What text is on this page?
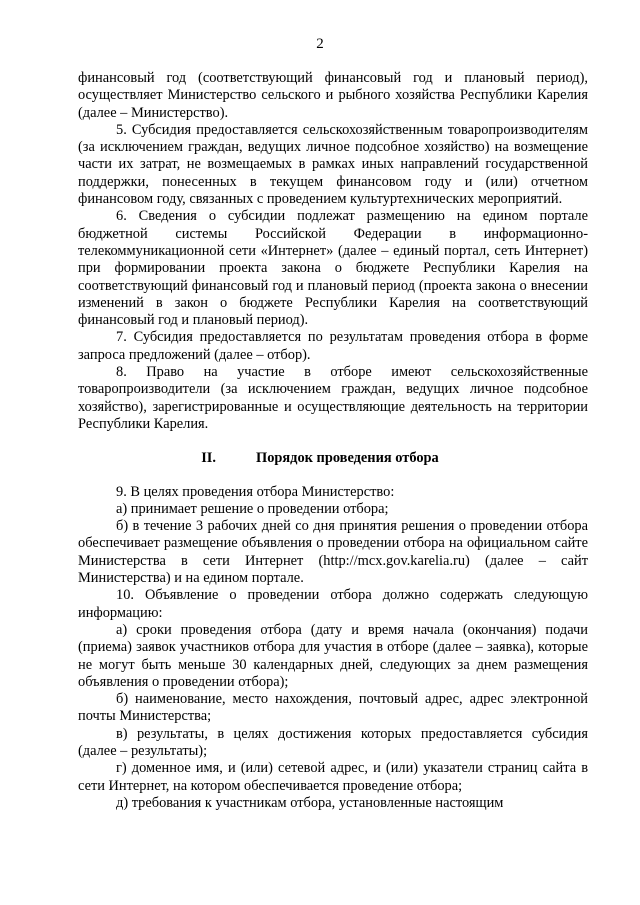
2

финансовый год (соответствующий финансовый год и плановый период), осуществляет Министерство сельского и рыбного хозяйства Республики Карелия (далее – Министерство).

5. Субсидия предоставляется сельскохозяйственным товаропроизводителям (за исключением граждан, ведущих личное подсобное хозяйство) на возмещение части их затрат, не возмещаемых в рамках иных направлений государственной поддержки, понесенных в текущем финансовом году и (или) отчетном финансовом году, связанных с проведением культуртехнических мероприятий.

6. Сведения о субсидии подлежат размещению на едином портале бюджетной системы Российской Федерации в информационно-телекоммуникационной сети «Интернет» (далее – единый портал, сеть Интернет) при формировании проекта закона о бюджете Республики Карелия на соответствующий финансовый год и плановый период (проекта закона о внесении изменений в закон о бюджете Республики Карелия на соответствующий финансовый год и плановый период).

7. Субсидия предоставляется по результатам проведения отбора в форме запроса предложений (далее – отбор).

8. Право на участие в отборе имеют сельскохозяйственные товаропроизводители (за исключением граждан, ведущих личное подсобное хозяйство), зарегистрированные и осуществляющие деятельность на территории Республики Карелия.

II.	Порядок проведения отбора

9. В целях проведения отбора Министерство:

а) принимает решение о проведении отбора;

б) в течение 3 рабочих дней со дня принятия решения о проведении отбора обеспечивает размещение объявления о проведении отбора на официальном сайте Министерства в сети Интернет (http://mcx.gov.karelia.ru) (далее – сайт Министерства) и на едином портале.

10. Объявление о проведении отбора должно содержать следующую информацию:

а) сроки проведения отбора (дату и время начала (окончания) подачи (приема) заявок участников отбора для участия в отборе (далее – заявка), которые не могут быть меньше 30 календарных дней, следующих за днем размещения объявления о проведении отбора);

б) наименование, место нахождения, почтовый адрес, адрес электронной почты Министерства;

в) результаты, в целях достижения которых предоставляется субсидия (далее – результаты);

г) доменное имя, и (или) сетевой адрес, и (или) указатели страниц сайта в сети Интернет, на котором обеспечивается проведение отбора;

д) требования к участникам отбора, установленные настоящим
